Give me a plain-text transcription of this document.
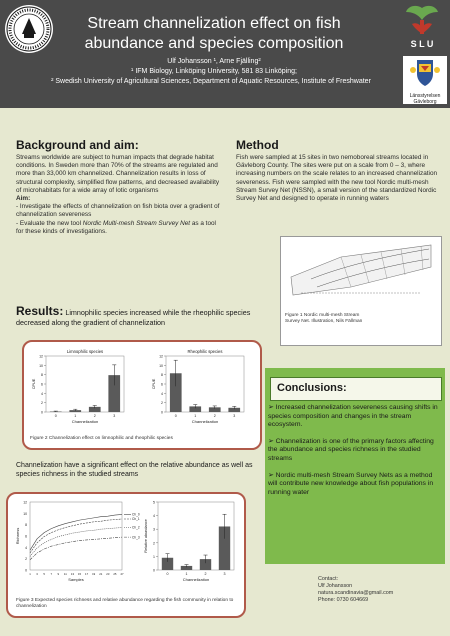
Stream channelization effect on fish abundance and species composition
Ulf Johansson ¹, Arne Fjälling²
¹ IFM Biology, Linköping University, 581 83 Linköping;
² Swedish University of Agricultural Sciences, Department of Aquatic Resources, Institute of Freshwater
S L U
Länsstyrelsen Gävleborg
Background and aim:
Streams worldwide are subject to human impacts that degrade habitat conditions. In Sweden more than 70% of the streams are regulated and more than 33,000 km channelized. Channelization results in loss of structural complexity, simplified flow patterns, and decreased availability of microhabitats for a wide array of lotic organisms
Aim:
- Investigate the effects of channelization on fish biota over a gradient of channelization severeness
- Evaluate the new tool Nordic Multi-mesh Stream Survey Net as a tool for these kinds of investigations.
Method
Fish were sampled at 15 sites in two nemoboreal streams located in Gävleborg County. The sites were put on a scale from 0 – 3, where increasing numbers on the scale relates to an increased channelization severeness. Fish were sampled with the new tool Nordic multi-mesh Stream Survey Net (NSSN), a small version of the standardized Nordic Survey Net and designed to operate in running waters
Figure 1 Nordic multi-mesh Stream Survey Net. Illustration, Nils Fällman
Results: Limnophilic species increased while the rheophilic species decreased along the gradient of channelization
0
2
4
6
8
10
12
0	1	2	3
Limnophilic species
Channelization
CPUE
0
2
4
6
8
10
12
0	1	2	3
Rheophilic species
Channelization
CPUE
Figure 2 Channelization effect on limnophilic and rheophilic species
Channelization have a significant effect on the relative abundance as well as species richness in the studied streams
0
2
4
6
8
10
12
1 3 5 7 9 11 13 15 17 19 21 23 25 27
Ch_0
Ch_1
Ch_2
Ch_3
Samples
Richness
0
1
2
3
4
5
0	1	2	3
Channelization
Relative abundance
Figure 3 Expected species richness and relative abundance regarding the fish community in relation to channelization
Conclusions:
➢ Increased channelization severeness causing shifts in species composition and changes in the stream ecosystem.
➢ Channelization is one of the primary factors affecting the abundance and species richness in the studied streams
➢ Nordic multi-mesh Stream Survey Nets as a method will contribute new knowledge about fish populations in running water
Contact:
Ulf Johansson
natura.scandinavia@gmail.com
Phone: 0730 604669
